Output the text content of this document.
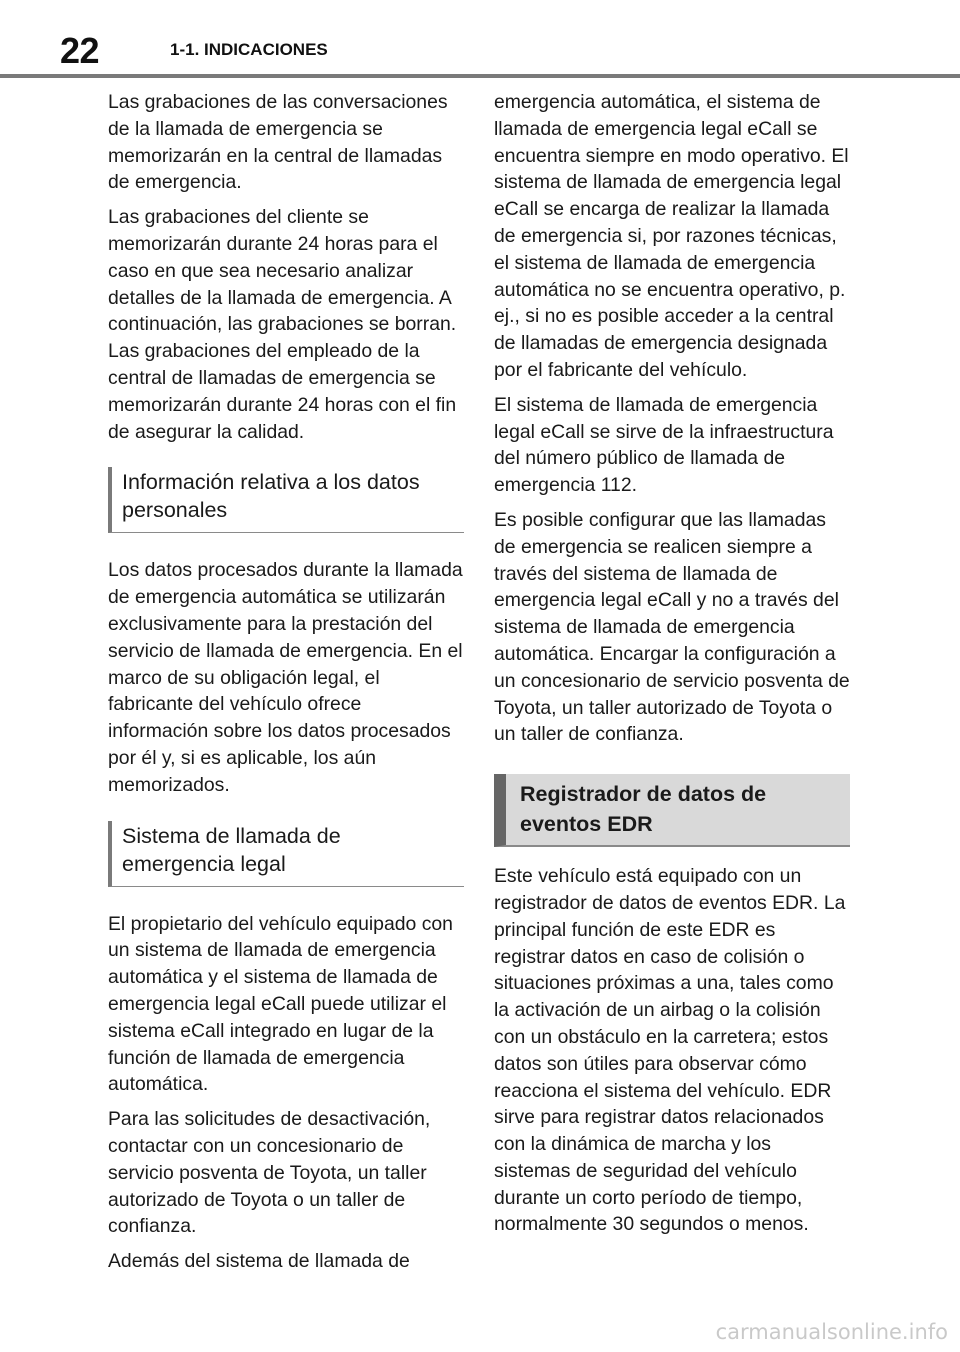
22	1-1. INDICACIONES

Las grabaciones de las conversaciones de la llamada de emergencia se memorizarán en la central de llamadas de emergencia.

Las grabaciones del cliente se memorizarán durante 24 horas para el caso en que sea necesario analizar detalles de la llamada de emergencia. A continuación, las grabaciones se borran. Las grabaciones del empleado de la central de llamadas de emergencia se memorizarán durante 24 horas con el fin de asegurar la calidad.

Información relativa a los datos personales

Los datos procesados durante la llamada de emergencia automática se utilizarán exclusivamente para la prestación del servicio de llamada de emergencia. En el marco de su obligación legal, el fabricante del vehículo ofrece información sobre los datos procesados por él y, si es aplicable, los aún memorizados.

Sistema de llamada de emergencia legal

El propietario del vehículo equipado con un sistema de llamada de emergencia automática y el sistema de llamada de emergencia legal eCall puede utilizar el sistema eCall integrado en lugar de la función de llamada de emergencia automática.

Para las solicitudes de desactivación, contactar con un concesionario de servicio posventa de Toyota, un taller autorizado de Toyota o un taller de confianza.

Además del sistema de llamada de

emergencia automática, el sistema de llamada de emergencia legal eCall se encuentra siempre en modo operativo. El sistema de llamada de emergencia legal eCall se encarga de realizar la llamada de emergencia si, por razones técnicas, el sistema de llamada de emergencia automática no se encuentra operativo, p. ej., si no es posible acceder a la central de llamadas de emergencia designada por el fabricante del vehículo.

El sistema de llamada de emergencia legal eCall se sirve de la infraestructura del número público de llamada de emergencia 112.

Es posible configurar que las llamadas de emergencia se realicen siempre a través del sistema de llamada de emergencia legal eCall y no a través del sistema de llamada de emergencia automática. Encargar la configuración a un concesionario de servicio posventa de Toyota, un taller autorizado de Toyota o un taller de confianza.

Registrador de datos de eventos EDR

Este vehículo está equipado con un registrador de datos de eventos EDR. La principal función de este EDR es registrar datos en caso de colisión o situaciones próximas a una, tales como la activación de un airbag o la colisión con un obstáculo en la carretera; estos datos son útiles para observar cómo reacciona el sistema del vehículo. EDR sirve para registrar datos relacionados con la dinámica de marcha y los sistemas de seguridad del vehículo durante un corto período de tiempo, normalmente 30 segundos o menos.

carmanualsonline.info
